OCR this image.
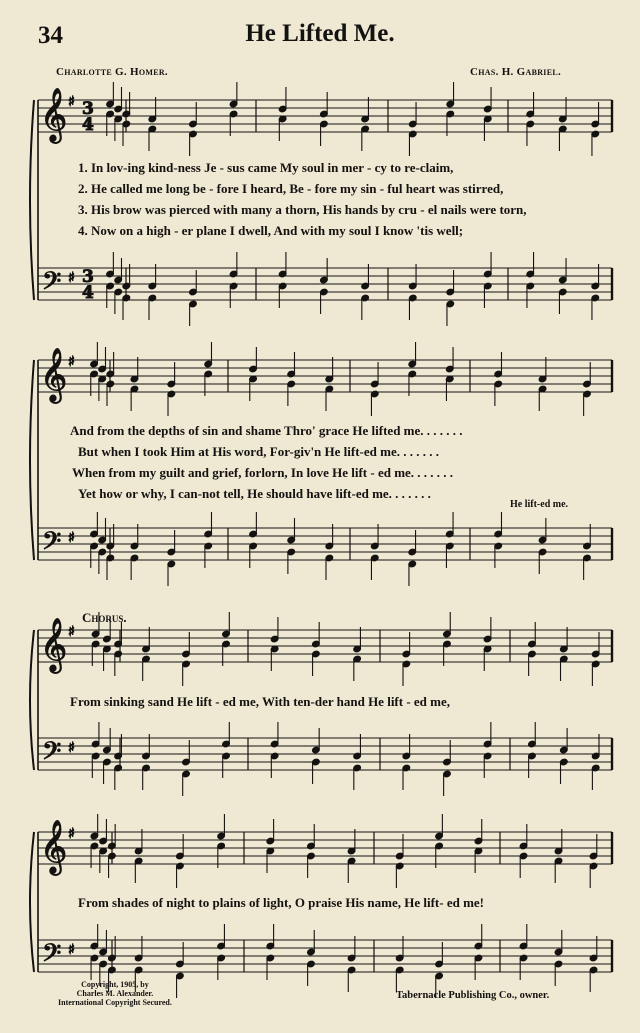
34	He Lifted Me.
Charlotte G. Homer.	Chas. H. Gabriel.
𝄞
𝄢
♯
♯
3
4
3
4
𝄞
𝄢
♯
♯
𝄞
𝄢
♯
♯
𝄞
𝄢
♯
♯
1. In lov-ing kind-ness Je - sus came My soul in mer - cy to re-claim,
2. He called me long be - fore I heard, Be - fore my sin - ful heart was stirred,
3. His brow was pierced with many a thorn, His hands by cru - el nails were torn,
4. Now on a high - er plane I dwell, And with my soul I know 'tis well;
And from the depths of sin and shame Thro' grace He lifted me. . . . . . .
But when I took Him at His word, For-giv'n He lift-ed me. . . . . . .
When from my guilt and grief, forlorn, In love He lift - ed me. . . . . . .
Yet how or why, I can-not tell, He should have lift-ed me. . . . . . .
He lift-ed me.
Chorus.
From sinking sand He lift - ed me, With ten-der hand He lift - ed me,
From shades of night to plains of light, O praise His name, He lift- ed me!
Copyright, 1905, by
Charles M. Alexander.
International Copyright Secured.
Tabernacle Publishing Co., owner.
